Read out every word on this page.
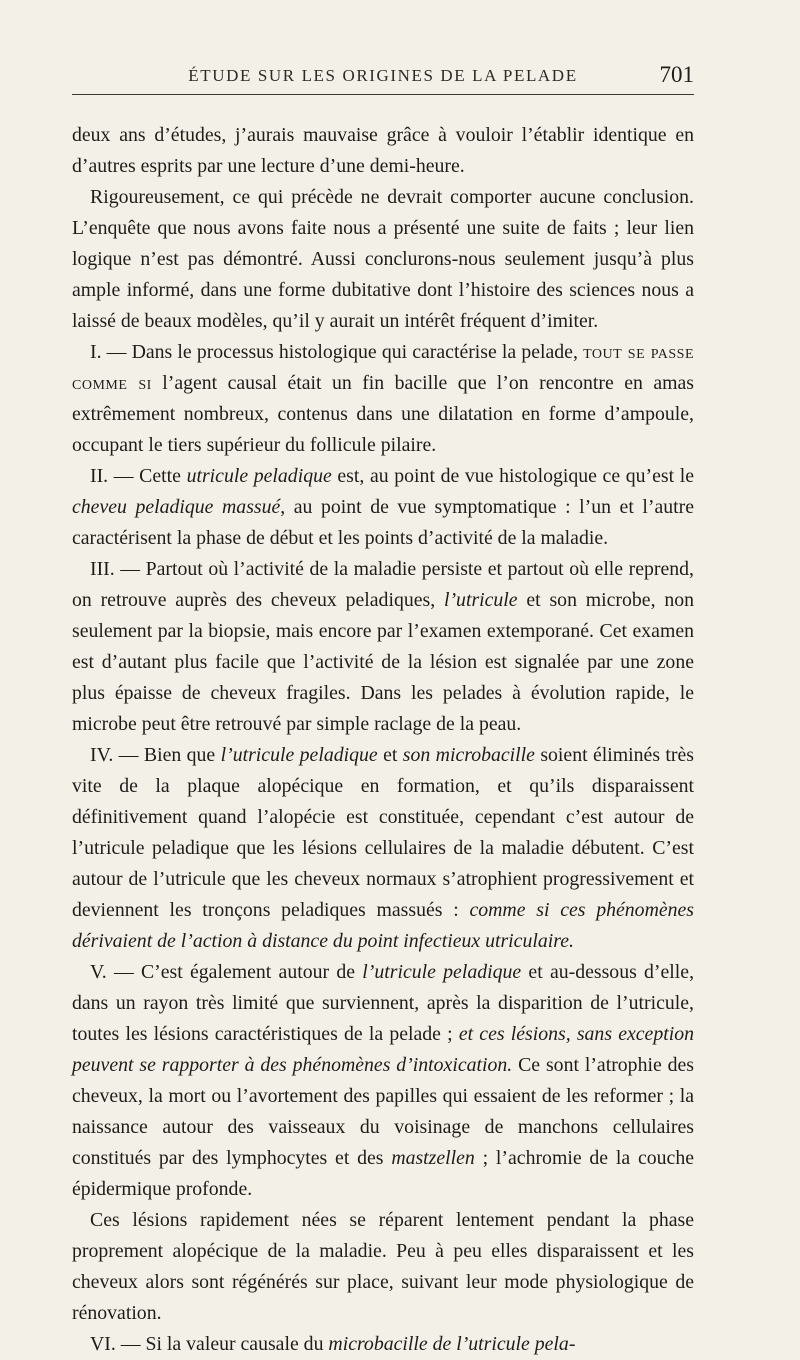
ÉTUDE SUR LES ORIGINES DE LA PELADE	701

deux ans d’études, j’aurais mauvaise grâce à vouloir l’établir identique en d’autres esprits par une lecture d’une demi-heure.

Rigoureusement, ce qui précède ne devrait comporter aucune conclusion. L’enquête que nous avons faite nous a présenté une suite de faits ; leur lien logique n’est pas démontré. Aussi conclurons-nous seulement jusqu’à plus ample informé, dans une forme dubitative dont l’histoire des sciences nous a laissé de beaux modèles, qu’il y aurait un intérêt fréquent d’imiter.

I. — Dans le processus histologique qui caractérise la pelade, tout se passe comme si l’agent causal était un fin bacille que l’on rencontre en amas extrêmement nombreux, contenus dans une dilatation en forme d’ampoule, occupant le tiers supérieur du follicule pilaire.

II. — Cette utricule peladique est, au point de vue histologique ce qu’est le cheveu peladique massué, au point de vue symptomatique : l’un et l’autre caractérisent la phase de début et les points d’activité de la maladie.

III. — Partout où l’activité de la maladie persiste et partout où elle reprend, on retrouve auprès des cheveux peladiques, l’utricule et son microbe, non seulement par la biopsie, mais encore par l’examen extemporané. Cet examen est d’autant plus facile que l’activité de la lésion est signalée par une zone plus épaisse de cheveux fragiles. Dans les pelades à évolution rapide, le microbe peut être retrouvé par simple raclage de la peau.

IV. — Bien que l’utricule peladique et son microbacille soient éliminés très vite de la plaque alopécique en formation, et qu’ils disparaissent définitivement quand l’alopécie est constituée, cependant c’est autour de l’utricule peladique que les lésions cellulaires de la maladie débutent. C’est autour de l’utricule que les cheveux normaux s’atrophient progressivement et deviennent les tronçons peladiques massués : comme si ces phénomènes dérivaient de l’action à distance du point infectieux utriculaire.

V. — C’est également autour de l’utricule peladique et au-dessous d’elle, dans un rayon très limité que surviennent, après la disparition de l’utricule, toutes les lésions caractéristiques de la pelade ; et ces lésions, sans exception peuvent se rapporter à des phénomènes d’intoxication. Ce sont l’atrophie des cheveux, la mort ou l’avortement des papilles qui essaient de les reformer ; la naissance autour des vaisseaux du voisinage de manchons cellulaires constitués par des lymphocytes et des mastzellen ; l’achromie de la couche épidermique profonde.

Ces lésions rapidement nées se réparent lentement pendant la phase proprement alopécique de la maladie. Peu à peu elles disparaissent et les cheveux alors sont régénérés sur place, suivant leur mode physiologique de rénovation.

VI. — Si la valeur causale du microbacille de l’utricule pela-
